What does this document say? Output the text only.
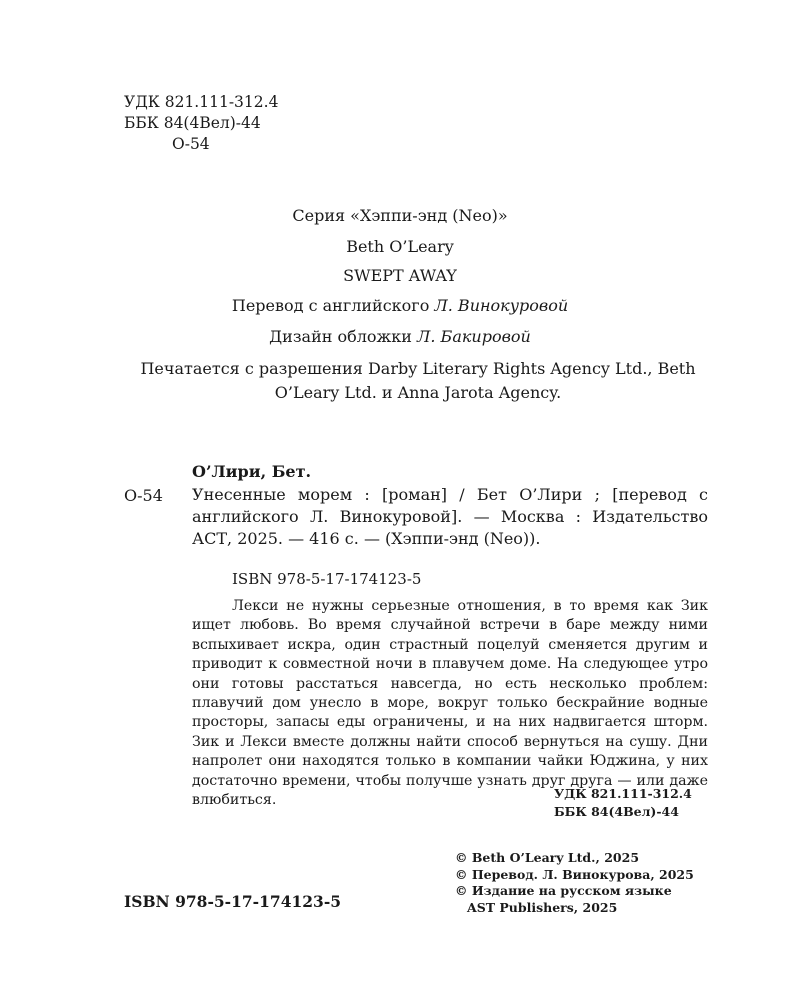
УДК 821.111-312.4
ББК 84(4Вел)-44
О-54
Серия «Хэппи-энд (Neo)»
Beth O’Leary
SWEPT AWAY
Перевод с английского Л. Винокуровой
Дизайн обложки Л. Бакировой
Печатается с разрешения Darby Literary Rights Agency Ltd., Beth O’Leary Ltd. и Anna Jarota Agency.
О’Лири, Бет.
О-54 Унесенные морем : [роман] / Бет О’Лири ; [перевод с английского Л. Винокуровой]. — Москва : Издательство АСТ, 2025. — 416 с. — (Хэппи-энд (Neo)).
ISBN 978-5-17-174123-5
Лекси не нужны серьезные отношения, в то время как Зик ищет любовь. Во время случайной встречи в баре между ними вспыхивает искра, один страстный поцелуй сменяется другим и приводит к совместной ночи в плавучем доме. На следующее утро они готовы расстаться навсегда, но есть несколько проблем: плавучий дом унесло в море, вокруг только бескрайние водные просторы, запасы еды ограничены, и на них надвигается шторм. Зик и Лекси вместе должны найти способ вернуться на сушу. Дни напролет они находятся только в компании чайки Юджина, у них достаточно времени, чтобы получше узнать друг друга — или даже влюбиться.	УДК 821.111-312.4
ББК 84(4Вел)-44
ISBN 978-5-17-174123-5
© Beth O’Leary Ltd., 2025
© Перевод. Л. Винокурова, 2025
© Издание на русском языке
AST Publishers, 2025
